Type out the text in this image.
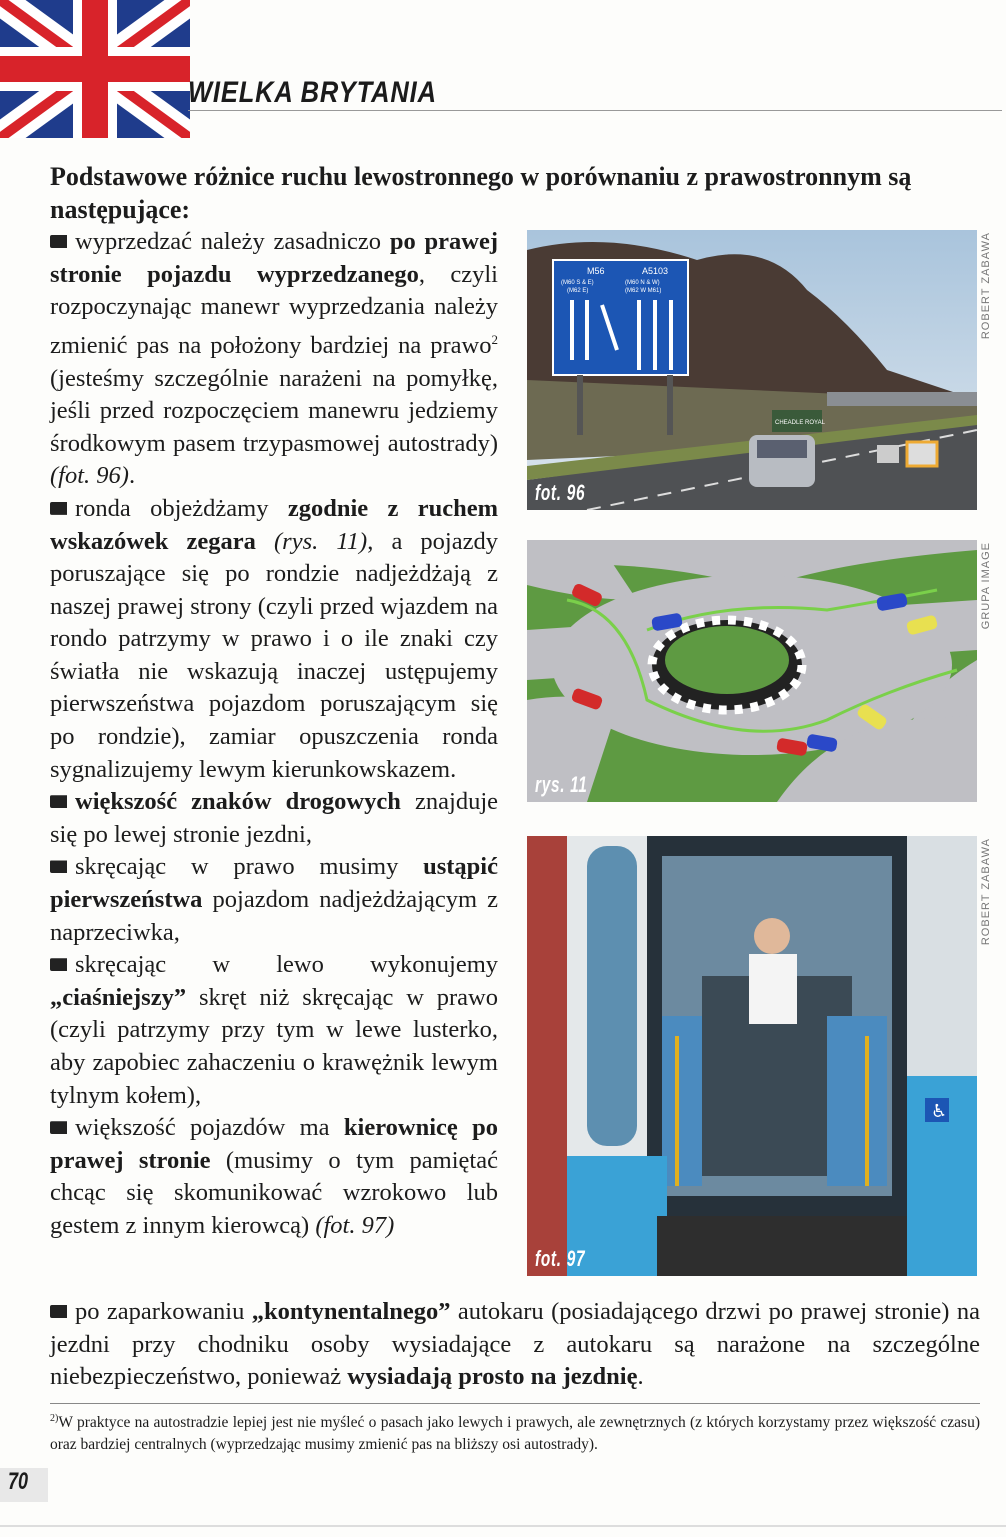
WIELKA BRYTANIA
Podstawowe różnice ruchu lewostronnego w porównaniu z prawostronnym są następujące:

wyprzedzać należy zasadniczo po prawej stronie pojazdu wyprzedzanego, czyli rozpoczynając manewr wyprzedzania należy zmienić pas na położony bardziej na prawo$^2$ (jesteśmy szczególnie narażeni na pomyłkę, jeśli przed rozpoczęciem manewru jedziemy środkowym pasem trzypasmowej autostrady) (fot. 96).

ronda objeżdżamy zgodnie z ruchem wskazówek zegara (rys. 11), a pojazdy poruszające się po rondzie nadjeżdżają z naszej prawej strony (czyli przed wjazdem na rondo patrzymy w prawo i o ile znaki czy światła nie wskazują inaczej ustępujemy pierwszeństwa pojazdom poruszającym się po rondzie), zamiar opuszczenia ronda sygnalizujemy lewym kierunkowskazem.

większość znaków drogowych znajduje się po lewej stronie jezdni,

skręcając w prawo musimy ustąpić pierwszeństwa pojazdom nadjeżdżającym z naprzeciwka,

skręcając w lewo wykonujemy „ciaśniejszy” skręt niż skręcając w prawo (czyli patrzymy przy tym w lewe lusterko, aby zapobiec zahaczeniu o krawężnik lewym tylnym kołem),

większość pojazdów ma kierownicę po prawej stronie (musimy o tym pamiętać chcąc się skomunikować wzrokowo lub gestem z innym kierowcą) (fot. 97)

po zaparkowaniu „kontynentalnego” autokaru (posiadającego drzwi po prawej stronie) na jezdni przy chodniku osoby wysiadające z autokaru są narażone na szczególne niebezpieczeństwo, ponieważ wysiadają prosto na jezdnię.

M56
(M60 S & E)
(M62 E)
A5103
(M60 N & W)
(M62 W M61)
CHEADLE ROYAL
fot. 96
ROBERT ZABAWA
rys. 11
GRUPA IMAGE
♿
fot. 97
ROBERT ZABAWA
$^{2)}$W praktyce na autostradzie lepiej jest nie myśleć o pasach jako lewych i prawych, ale zewnętrznych (z których korzystamy przez większość czasu) oraz bardziej centralnych (wyprzedzając musimy zmienić pas na bliższy osi autostrady).
70
